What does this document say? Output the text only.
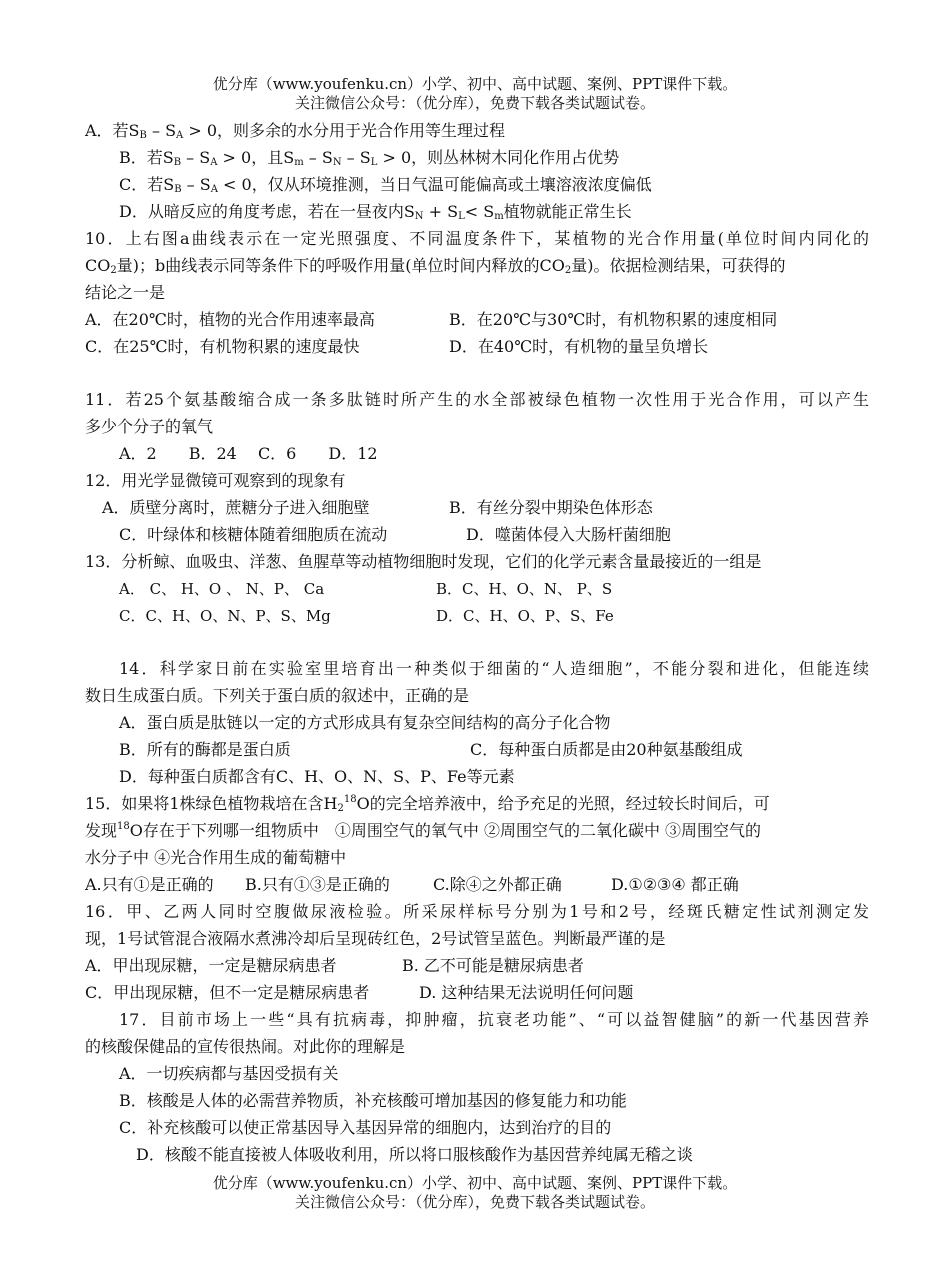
优分库（www.youfenku.cn）小学、初中、高中试题、案例、PPT课件下载。
关注微信公众号：（优分库），免费下载各类试题试卷。
A．若$S_B - S_A > 0$，则多余的水分用于光合作用等生理过程
B．若$S_B - S_A > 0$，且$S_m - S_N - S_L > 0$，则丛林树木同化作用占优势
C．若$S_B - S_A < 0$，仅从环境推测，当日气温可能偏高或土壤溶液浓度偏低
D．从暗反应的角度考虑，若在一昼夜内$S_N + S_L< S_m$植物就能正常生长
10．上右图a曲线表示在一定光照强度、不同温度条件下，某植物的光合作用量(单位时间内同化的
$CO_2$量)；b曲线表示同等条件下的呼吸作用量(单位时间内释放的$CO_2$量)。依据检测结果，可获得的
结论之一是
A．在20℃时，植物的光合作用速率最高	B．在20℃与30℃时，有机物积累的速度相同
C．在25℃时，有机物积累的速度最快	D．在40℃时，有机物的量呈负增长
11．若25个氨基酸缩合成一条多肽链时所产生的水全部被绿色植物一次性用于光合作用，可以产生
多少个分子的氧气
A．2　　B．24　 C．6　　D．12
12．用光学显微镜可观察到的现象有
A．质壁分离时，蔗糖分子进入细胞壁	B．有丝分裂中期染色体形态
C．叶绿体和核糖体随着细胞质在流动	D．噬菌体侵入大肠杆菌细胞
13．分析鲸、血吸虫、洋葱、鱼腥草等动植物细胞时发现，它们的化学元素含量最接近的一组是
A． C、 H、O 、 N、P、 Ca	B．C、H、O、N、 P、S
C．C、H、O、N、P、S、Mg	D．C、H、O、P、S、Fe
14．科学家日前在实验室里培育出一种类似于细菌的“人造细胞”，不能分裂和进化，但能连续
数日生成蛋白质。下列关于蛋白质的叙述中，正确的是
A．蛋白质是肽链以一定的方式形成具有复杂空间结构的高分子化合物
B．所有的酶都是蛋白质	C．每种蛋白质都是由20种氨基酸组成
D．每种蛋白质都含有C、H、O、N、S、P、Fe等元素
15．如果将1株绿色植物栽培在含$H_2^{18}O$的完全培养液中，给予充足的光照，经过较长时间后，可
发现$^{18}$O存在于下列哪一组物质中　①周围空气的氧气中 ②周围空气的二氧化碳中 ③周围空气的
水分子中 ④光合作用生成的葡萄糖中
A.只有①是正确的 B.只有①③是正确的	C.除④之外都正确	D.①②③④ 都正确
16．甲、乙两人同时空腹做尿液检验。所采尿样标号分别为1号和2号，经斑氏糖定性试剂测定发
现，1号试管混合液隔水煮沸冷却后呈现砖红色，2号试管呈蓝色。判断最严谨的是
A．甲出现尿糖，一定是糖尿病患者	B. 乙不可能是糖尿病患者
C．甲出现尿糖，但不一定是糖尿病患者	D. 这种结果无法说明任何问题
17．目前市场上一些“具有抗病毒，抑肿瘤，抗衰老功能”、“可以益智健脑”的新一代基因营养
的核酸保健品的宣传很热闹。对此你的理解是
A．一切疾病都与基因受损有关
B．核酸是人体的必需营养物质，补充核酸可增加基因的修复能力和功能
C．补充核酸可以使正常基因导入基因异常的细胞内，达到治疗的目的
D．核酸不能直接被人体吸收利用，所以将口服核酸作为基因营养纯属无稽之谈
优分库（www.youfenku.cn）小学、初中、高中试题、案例、PPT课件下载。
关注微信公众号：（优分库），免费下载各类试题试卷。
